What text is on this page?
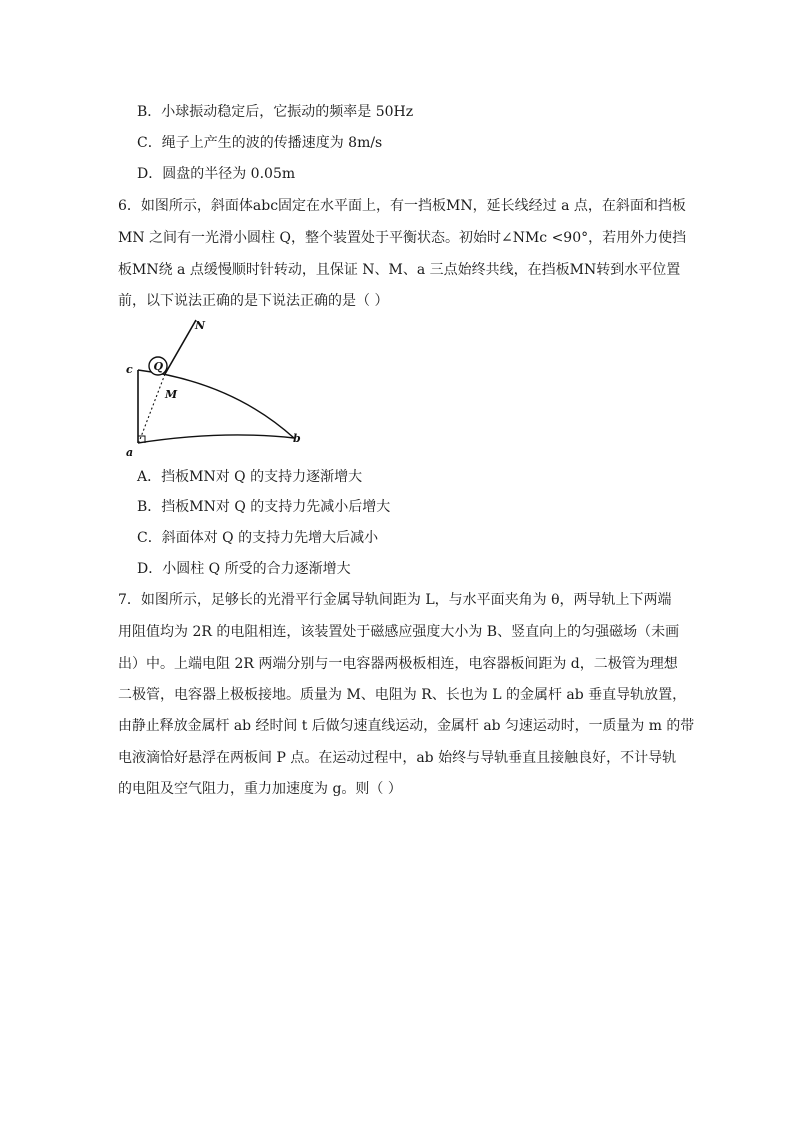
B．小球振动稳定后，它振动的频率是 50Hz
C．绳子上产生的波的传播速度为 8m/s
D．圆盘的半径为 0.05m
6．如图所示，斜面体abc固定在水平面上，有一挡板MN，延长线经过 a 点，在斜面和挡板
MN 之间有一光滑小圆柱 Q，整个装置处于平衡状态。初始时∠NMc <90°，若用外力使挡
板MN绕 a 点缓慢顺时针转动，且保证 N、M、a 三点始终共线，在挡板MN转到水平位置
前，以下说法正确的是下说法正确的是（ ）
Q
N
c
M
a
b
A．挡板MN对 Q 的支持力逐渐增大
B．挡板MN对 Q 的支持力先减小后增大
C．斜面体对 Q 的支持力先增大后减小
D．小圆柱 Q 所受的合力逐渐增大
7．如图所示，足够长的光滑平行金属导轨间距为 L，与水平面夹角为 θ，两导轨上下两端
用阻值均为 2R 的电阻相连，该装置处于磁感应强度大小为 B、竖直向上的匀强磁场（未画
出）中。上端电阻 2R 两端分别与一电容器两极板相连，电容器板间距为 d，二极管为理想
二极管，电容器上极板接地。质量为 M、电阻为 R、长也为 L 的金属杆 ab 垂直导轨放置，
由静止释放金属杆 ab 经时间 t 后做匀速直线运动，金属杆 ab 匀速运动时，一质量为 m 的带
电液滴恰好悬浮在两板间 P 点。在运动过程中，ab 始终与导轨垂直且接触良好，不计导轨
的电阻及空气阻力，重力加速度为 g。则（ ）
